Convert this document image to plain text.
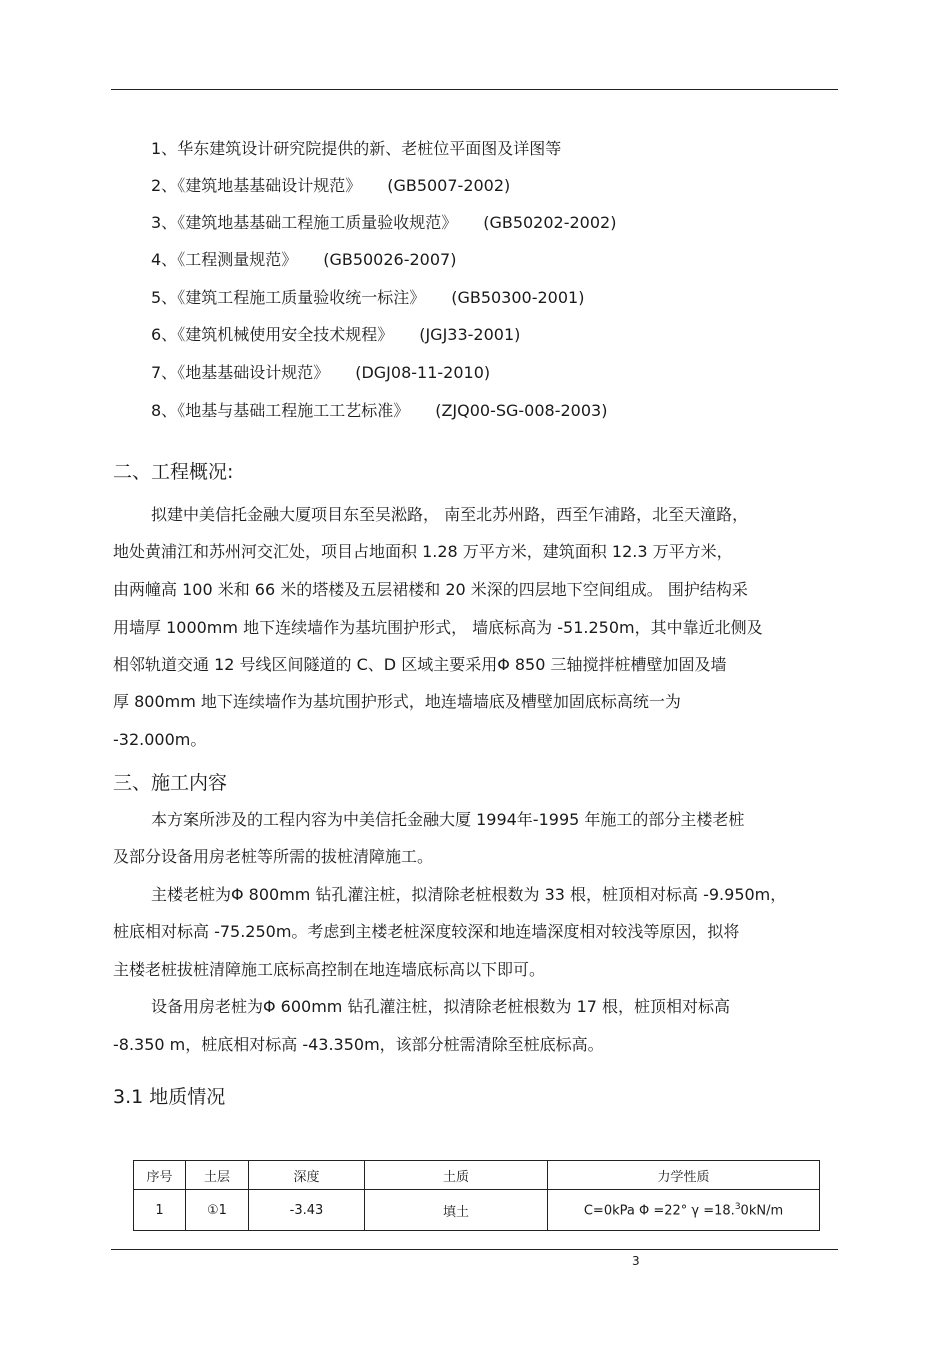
1、华东建筑设计研究院提供的新、老桩位平面图及详图等
2、《建筑地基基础设计规范》 (GB5007-2002)
3、《建筑地基基础工程施工质量验收规范》 (GB50202-2002)
4、《工程测量规范》 (GB50026-2007)
5、《建筑工程施工质量验收统一标注》 (GB50300-2001)
6、《建筑机械使用安全技术规程》 (JGJ33-2001)
7、《地基基础设计规范》 (DGJ08-11-2010)
8、《地基与基础工程施工工艺标准》 (ZJQ00-SG-008-2003)
二、工程概况:
拟建中美信托金融大厦项目东至吴淞路， 南至北苏州路，西至乍浦路，北至天潼路，
地处黄浦江和苏州河交汇处，项目占地面积 1.28 万平方米，建筑面积 12.3 万平方米，
由两幢高 100 米和 66 米的塔楼及五层裙楼和 20 米深的四层地下空间组成。 围护结构采
用墙厚 1000mm 地下连续墙作为基坑围护形式， 墙底标高为 -51.250m，其中靠近北侧及
相邻轨道交通 12 号线区间隧道的 C、D 区域主要采用Φ 850 三轴搅拌桩槽壁加固及墙
厚 800mm 地下连续墙作为基坑围护形式，地连墙墙底及槽壁加固底标高统一为
-32.000m。
三、施工内容
本方案所涉及的工程内容为中美信托金融大厦 1994年-1995 年施工的部分主楼老桩
及部分设备用房老桩等所需的拔桩清障施工。
主楼老桩为Φ 800mm 钻孔灌注桩，拟清除老桩根数为 33 根，桩顶相对标高 -9.950m，
桩底相对标高 -75.250m。考虑到主楼老桩深度较深和地连墙深度相对较浅等原因，拟将
主楼老桩拔桩清障施工底标高控制在地连墙底标高以下即可。
设备用房老桩为Φ 600mm 钻孔灌注桩，拟清除老桩根数为 17 根，桩顶相对标高
-8.350 m，桩底相对标高 -43.350m，该部分桩需清除至桩底标高。
3.1 地质情况
序号	土层	深度	土质	力学性质
1	①1	-3.43	填土	C=0kPa Φ =22° γ =18.$^3$0kN/m
3
